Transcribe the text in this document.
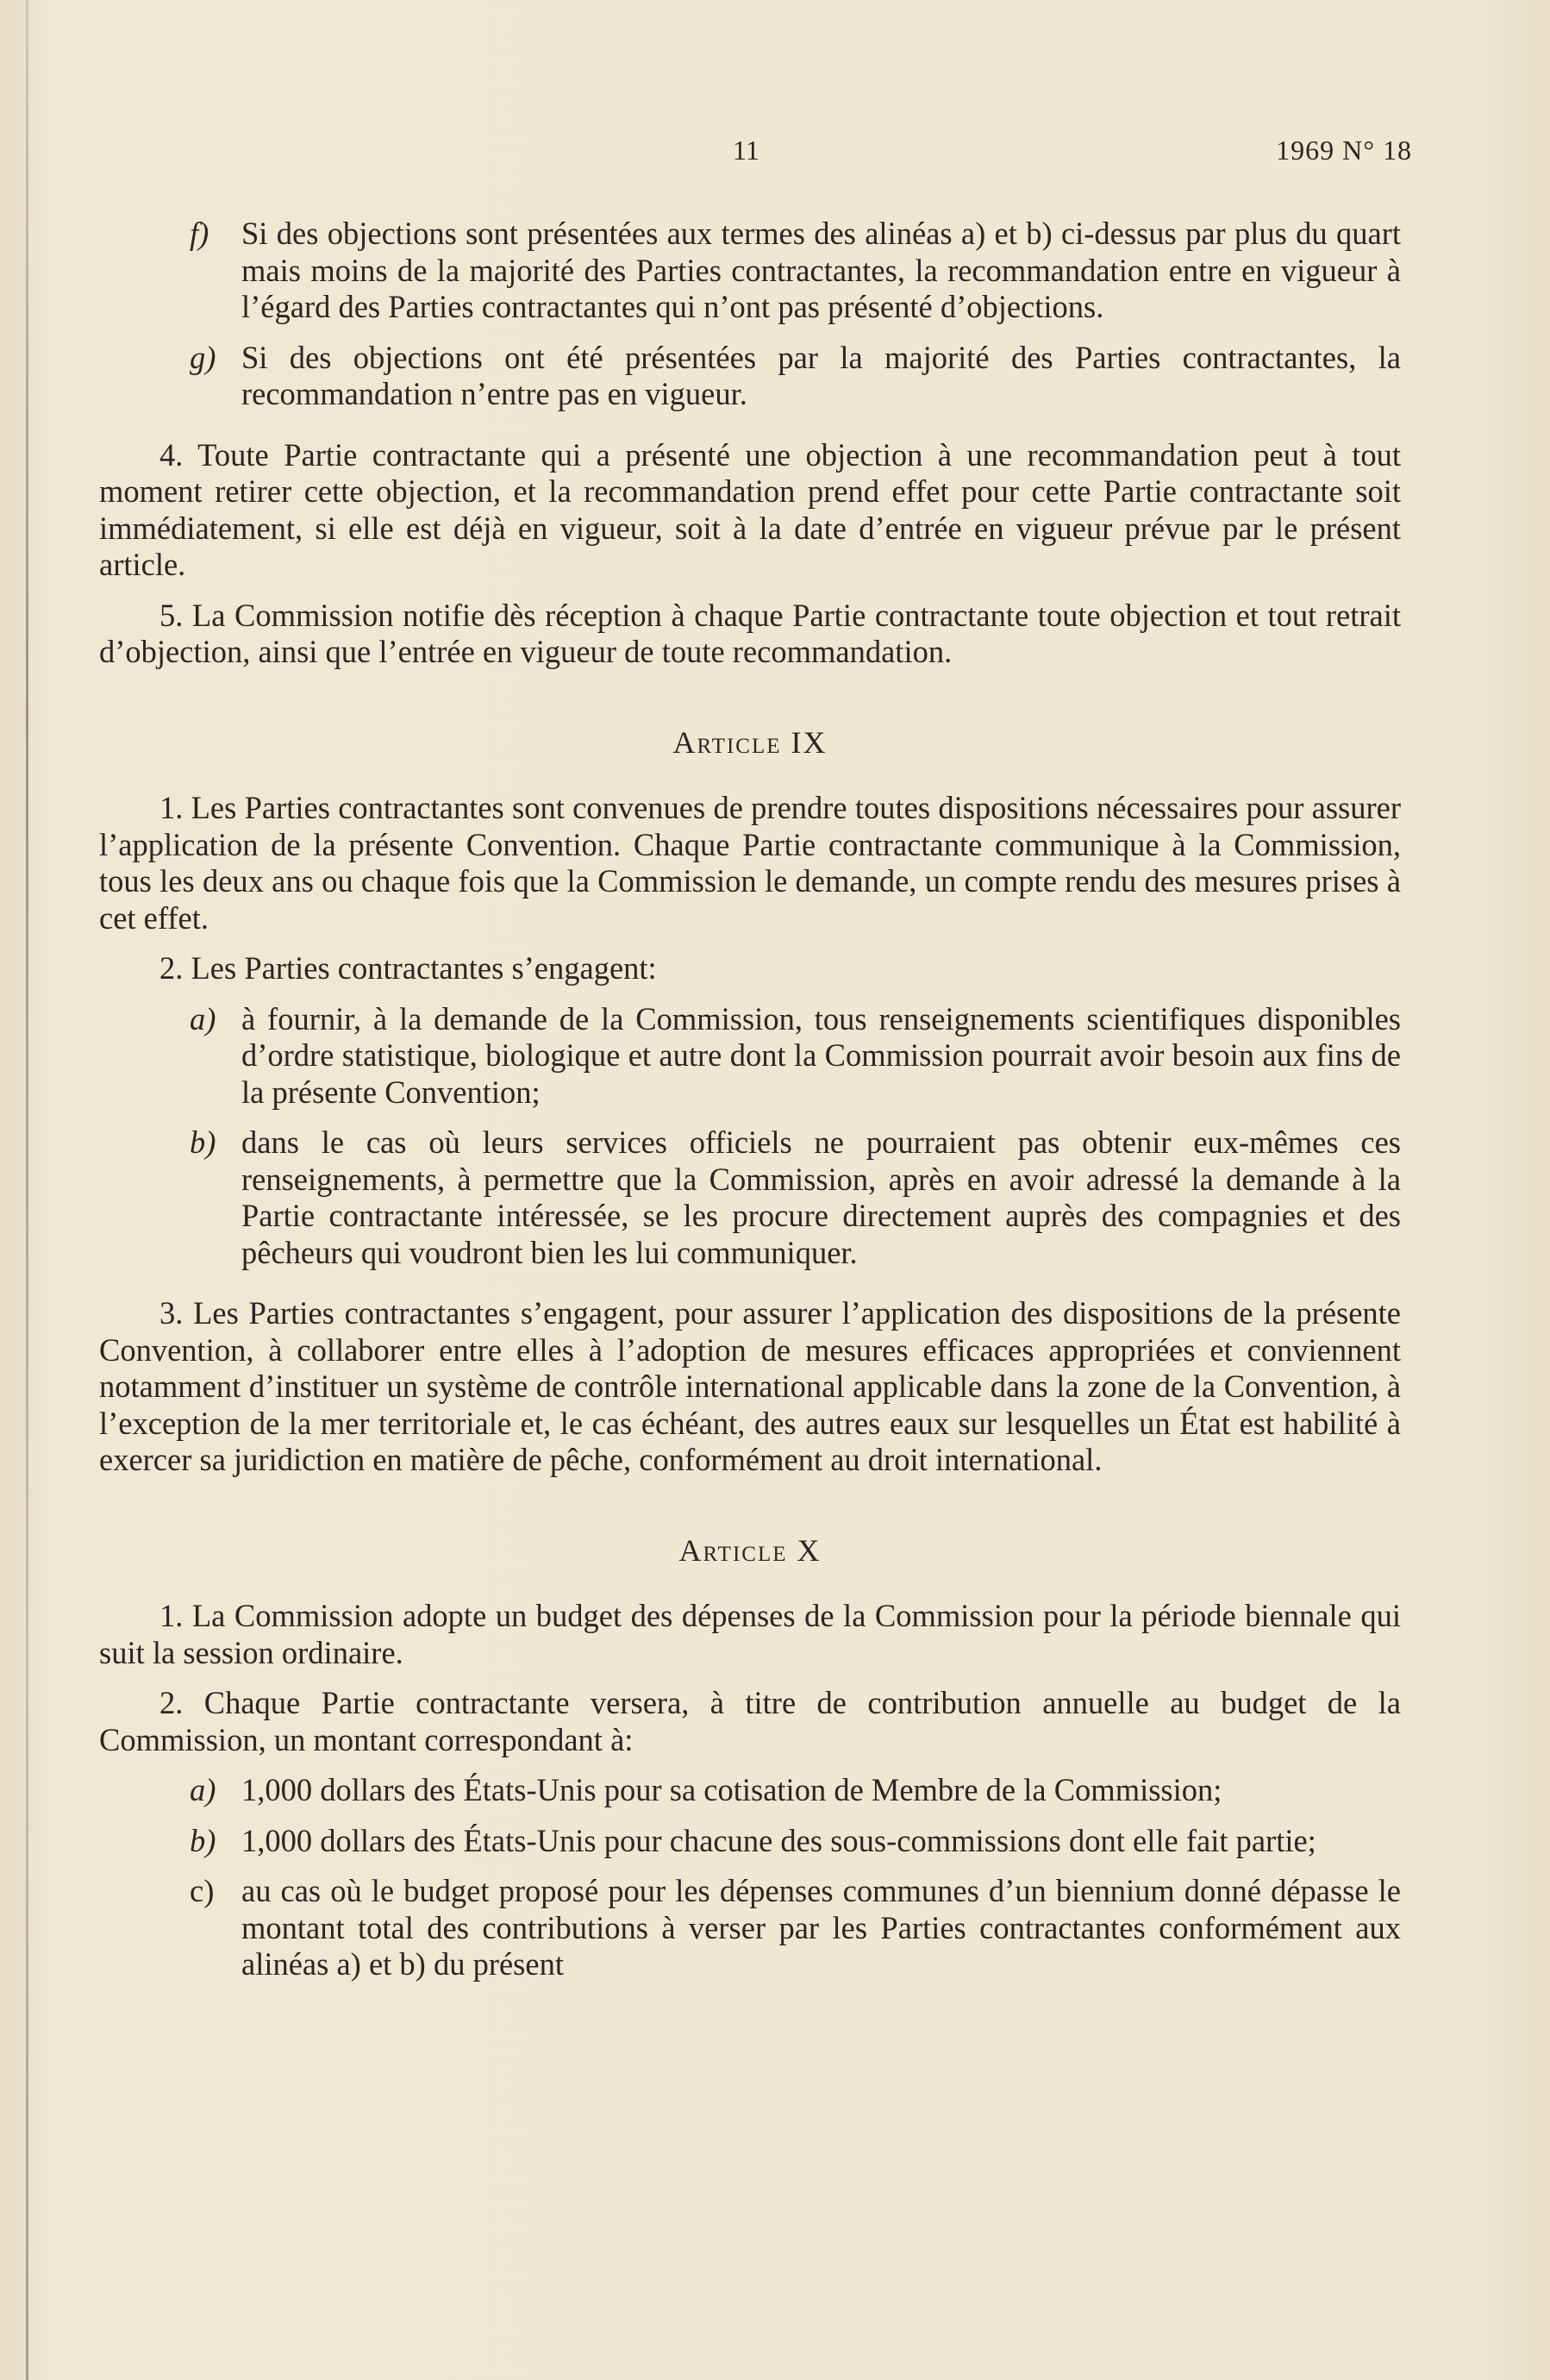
11	1969 N° 18
f) Si des objections sont présentées aux termes des alinéas a) et b) ci-dessus par plus du quart mais moins de la majorité des Parties contractantes, la recommandation entre en vigueur à l’égard des Parties contractantes qui n’ont pas présenté d’objections.

g) Si des objections ont été présentées par la majorité des Parties contractantes, la recommandation n’entre pas en vigueur.

4. Toute Partie contractante qui a présenté une objection à une recommandation peut à tout moment retirer cette objection, et la recommandation prend effet pour cette Partie contractante soit immédiatement, si elle est déjà en vigueur, soit à la date d’entrée en vigueur prévue par le présent article.

5. La Commission notifie dès réception à chaque Partie contractante toute objection et tout retrait d’objection, ainsi que l’entrée en vigueur de toute recommandation.

Article IX

1. Les Parties contractantes sont convenues de prendre toutes dispositions nécessaires pour assurer l’application de la présente Convention. Chaque Partie contractante communique à la Commission, tous les deux ans ou chaque fois que la Commission le demande, un compte rendu des mesures prises à cet effet.

2. Les Parties contractantes s’engagent:

a) à fournir, à la demande de la Commission, tous renseignements scientifiques disponibles d’ordre statistique, biologique et autre dont la Commission pourrait avoir besoin aux fins de la présente Convention;

b) dans le cas où leurs services officiels ne pourraient pas obtenir eux-mêmes ces renseignements, à permettre que la Commission, après en avoir adressé la demande à la Partie contractante intéressée, se les procure directement auprès des compagnies et des pêcheurs qui voudront bien les lui communiquer.

3. Les Parties contractantes s’engagent, pour assurer l’application des dispositions de la présente Convention, à collaborer entre elles à l’adoption de mesures efficaces appropriées et conviennent notamment d’instituer un système de contrôle international applicable dans la zone de la Convention, à l’exception de la mer territoriale et, le cas échéant, des autres eaux sur lesquelles un État est habilité à exercer sa juridiction en matière de pêche, conformément au droit international.

Article X

1. La Commission adopte un budget des dépenses de la Commission pour la période biennale qui suit la session ordinaire.

2. Chaque Partie contractante versera, à titre de contribution annuelle au budget de la Commission, un montant correspondant à:

a) 1,000 dollars des États-Unis pour sa cotisation de Membre de la Commission;

b) 1,000 dollars des États-Unis pour chacune des sous-commissions dont elle fait partie;

c) au cas où le budget proposé pour les dépenses communes d’un biennium donné dépasse le montant total des contributions à verser par les Parties contractantes conformément aux alinéas a) et b) du présent
